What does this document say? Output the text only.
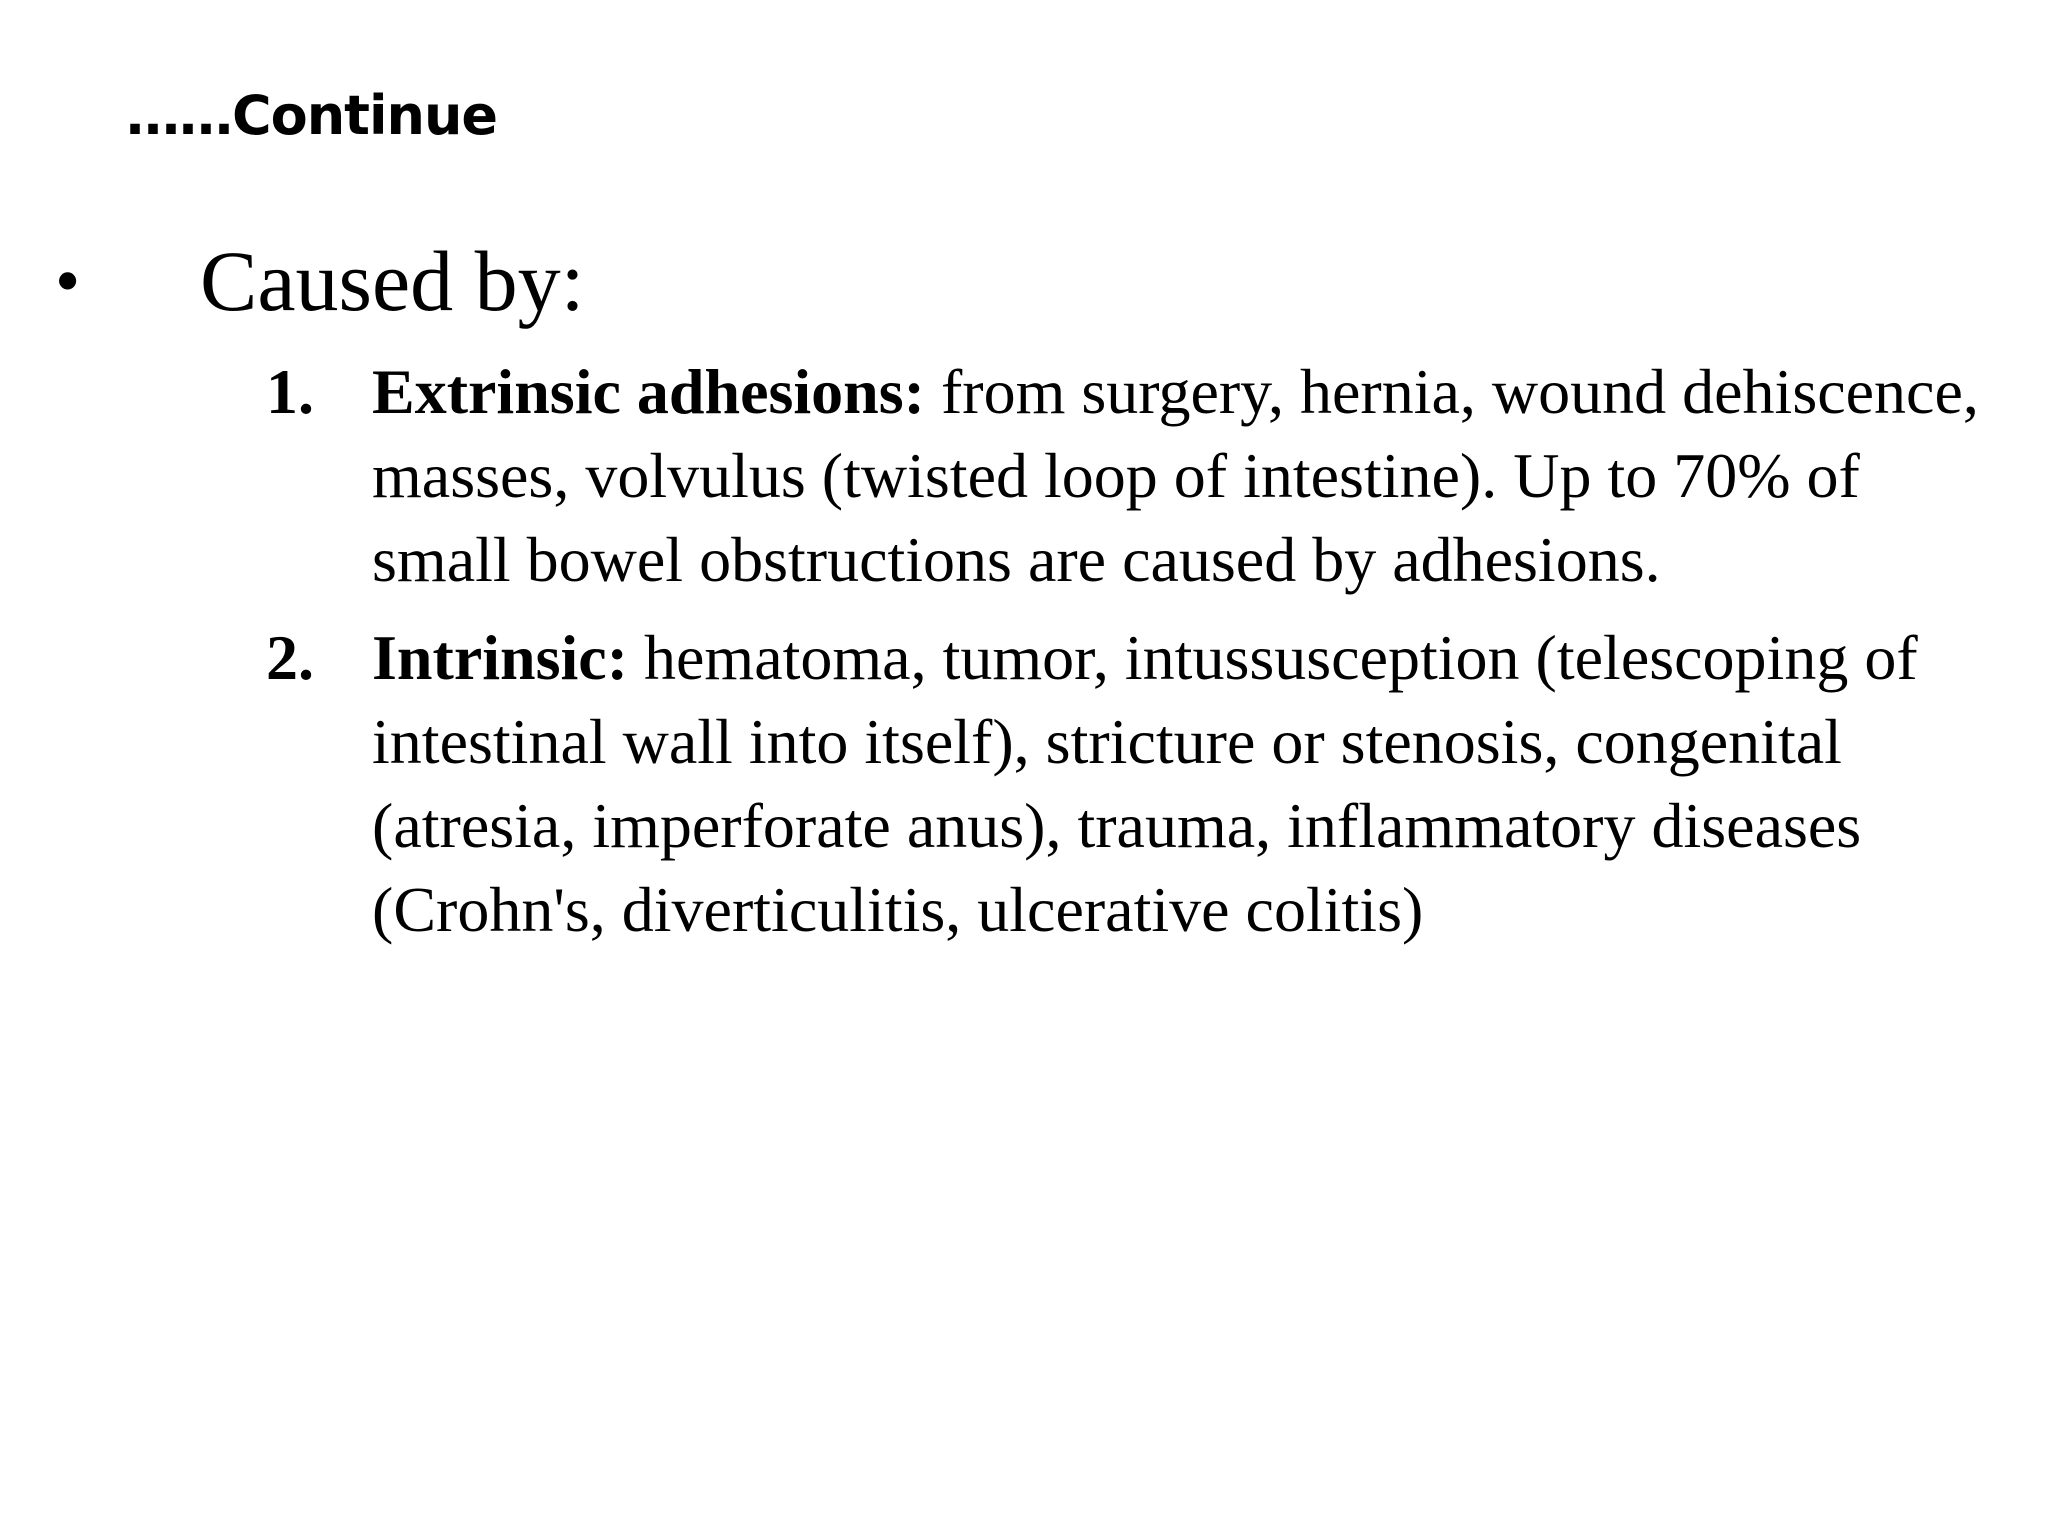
……Continue
• Caused by:
1. Extrinsic adhesions: from surgery, hernia, wound dehiscence, masses, volvulus (twisted loop of intestine). Up to 70% of small bowel obstructions are caused by adhesions.
2. Intrinsic: hematoma, tumor, intussusception (telescoping of intestinal wall into itself), stricture or stenosis, congenital (atresia, imperforate anus), trauma, inflammatory diseases (Crohn's, diverticulitis, ulcerative colitis)
